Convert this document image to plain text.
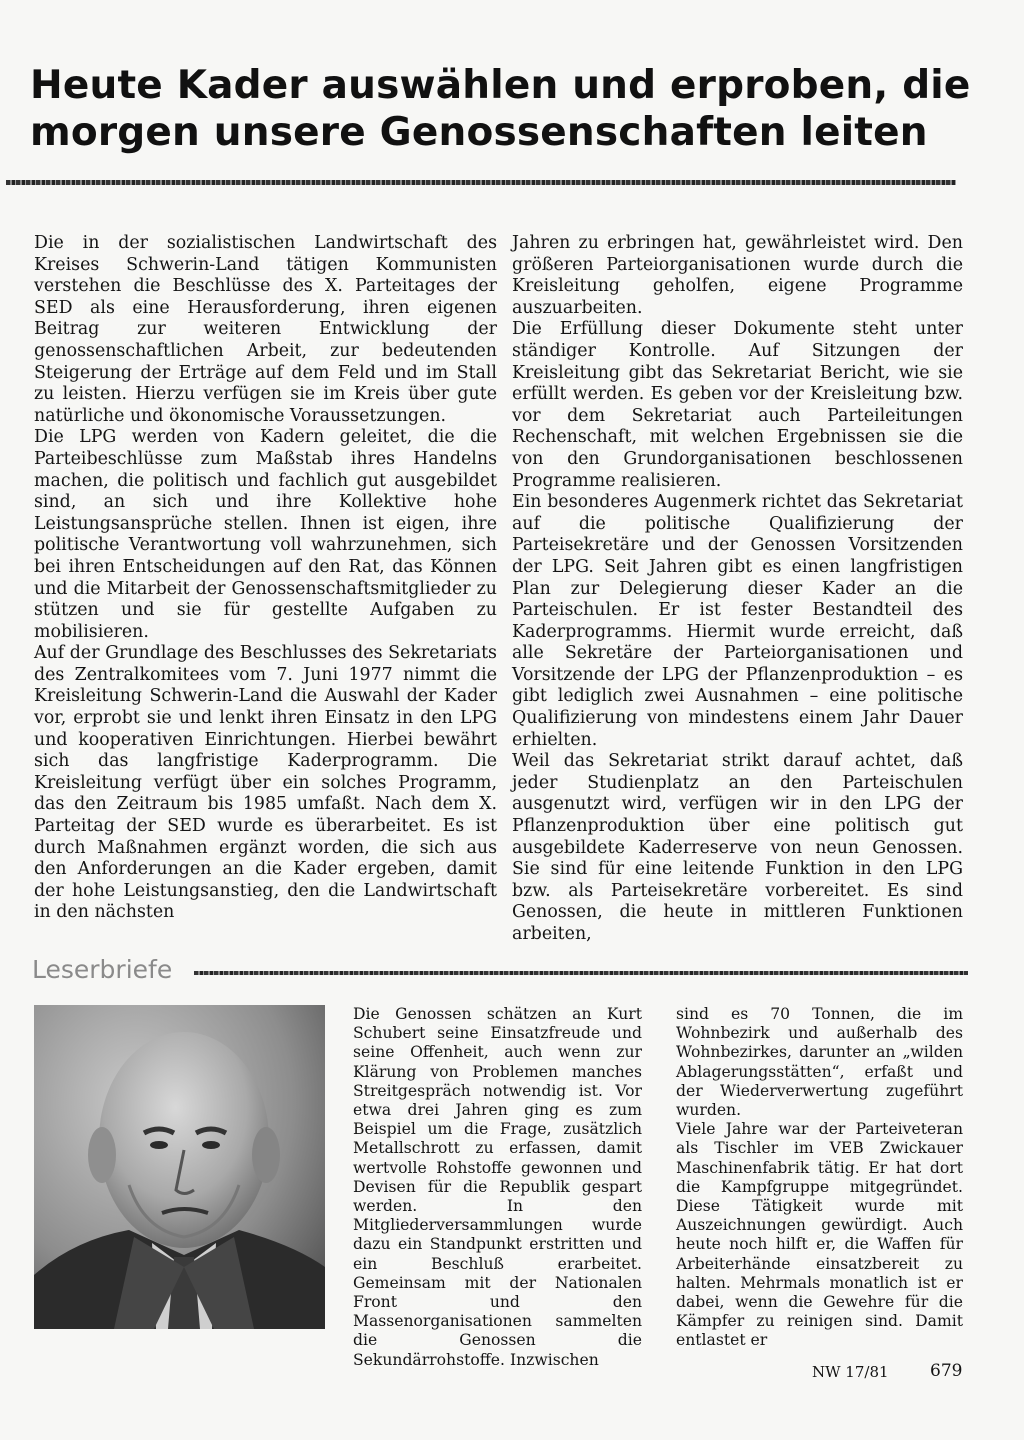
Heute Kader auswählen und erproben, die morgen unsere Genossenschaften leiten

Die in der sozialistischen Landwirtschaft des Kreises Schwerin-Land tätigen Kommunisten verstehen die Beschlüsse des X. Parteitages der SED als eine Herausforderung, ihren eigenen Beitrag zur weiteren Entwicklung der genossenschaftlichen Arbeit, zur bedeutenden Steigerung der Erträge auf dem Feld und im Stall zu leisten. Hierzu verfügen sie im Kreis über gute natürliche und ökonomische Voraussetzungen.

Die LPG werden von Kadern geleitet, die die Parteibeschlüsse zum Maßstab ihres Handelns machen, die politisch und fachlich gut ausgebildet sind, an sich und ihre Kollektive hohe Leistungsansprüche stellen. Ihnen ist eigen, ihre politische Verantwortung voll wahrzunehmen, sich bei ihren Entscheidungen auf den Rat, das Können und die Mitarbeit der Genossenschaftsmitglieder zu stützen und sie für gestellte Aufgaben zu mobilisieren.

Auf der Grundlage des Beschlusses des Sekretariats des Zentralkomitees vom 7. Juni 1977 nimmt die Kreisleitung Schwerin-Land die Auswahl der Kader vor, erprobt sie und lenkt ihren Einsatz in den LPG und kooperativen Einrichtungen. Hierbei bewährt sich das langfristige Kaderprogramm. Die Kreisleitung verfügt über ein solches Programm, das den Zeitraum bis 1985 umfaßt. Nach dem X. Parteitag der SED wurde es überarbeitet. Es ist durch Maßnahmen ergänzt worden, die sich aus den Anforderungen an die Kader ergeben, damit der hohe Leistungsanstieg, den die Landwirtschaft in den nächsten

Jahren zu erbringen hat, gewährleistet wird. Den größeren Parteiorganisationen wurde durch die Kreisleitung geholfen, eigene Programme auszuarbeiten.

Die Erfüllung dieser Dokumente steht unter ständiger Kontrolle. Auf Sitzungen der Kreisleitung gibt das Sekretariat Bericht, wie sie erfüllt werden. Es geben vor der Kreisleitung bzw. vor dem Sekretariat auch Parteileitungen Rechenschaft, mit welchen Ergebnissen sie die von den Grundorganisationen beschlossenen Programme realisieren.

Ein besonderes Augenmerk richtet das Sekretariat auf die politische Qualifizierung der Parteisekretäre und der Genossen Vorsitzenden der LPG. Seit Jahren gibt es einen langfristigen Plan zur Delegierung dieser Kader an die Parteischulen. Er ist fester Bestandteil des Kaderprogramms. Hiermit wurde erreicht, daß alle Sekretäre der Parteiorganisationen und Vorsitzende der LPG der Pflanzenproduktion – es gibt lediglich zwei Ausnahmen – eine politische Qualifizierung von mindestens einem Jahr Dauer erhielten.

Weil das Sekretariat strikt darauf achtet, daß jeder Studienplatz an den Parteischulen ausgenutzt wird, verfügen wir in den LPG der Pflanzenproduktion über eine politisch gut ausgebildete Kaderreserve von neun Genossen. Sie sind für eine leitende Funktion in den LPG bzw. als Parteisekretäre vorbereitet. Es sind Genossen, die heute in mittleren Funktionen arbeiten,

Leserbriefe

Die Genossen schätzen an Kurt Schubert seine Einsatzfreude und seine Offenheit, auch wenn zur Klärung von Problemen manches Streitgespräch notwendig ist. Vor etwa drei Jahren ging es zum Beispiel um die Frage, zusätzlich Metallschrott zu erfassen, damit wertvolle Rohstoffe gewonnen und Devisen für die Republik gespart werden. In den Mitgliederversammlungen wurde dazu ein Standpunkt erstritten und ein Beschluß erarbeitet. Gemeinsam mit der Nationalen Front und den Massenorganisationen sammelten die Genossen die Sekundärrohstoffe. Inzwischen

sind es 70 Tonnen, die im Wohnbezirk und außerhalb des Wohnbezirkes, darunter an „wilden Ablagerungsstätten“, erfaßt und der Wiederverwertung zugeführt wurden.

Viele Jahre war der Parteiveteran als Tischler im VEB Zwickauer Maschinenfabrik tätig. Er hat dort die Kampfgruppe mitgegründet. Diese Tätigkeit wurde mit Auszeichnungen gewürdigt. Auch heute noch hilft er, die Waffen für Arbeiterhände einsatzbereit zu halten. Mehrmals monatlich ist er dabei, wenn die Gewehre für die Kämpfer zu reinigen sind. Damit entlastet er

NW 17/81 679
